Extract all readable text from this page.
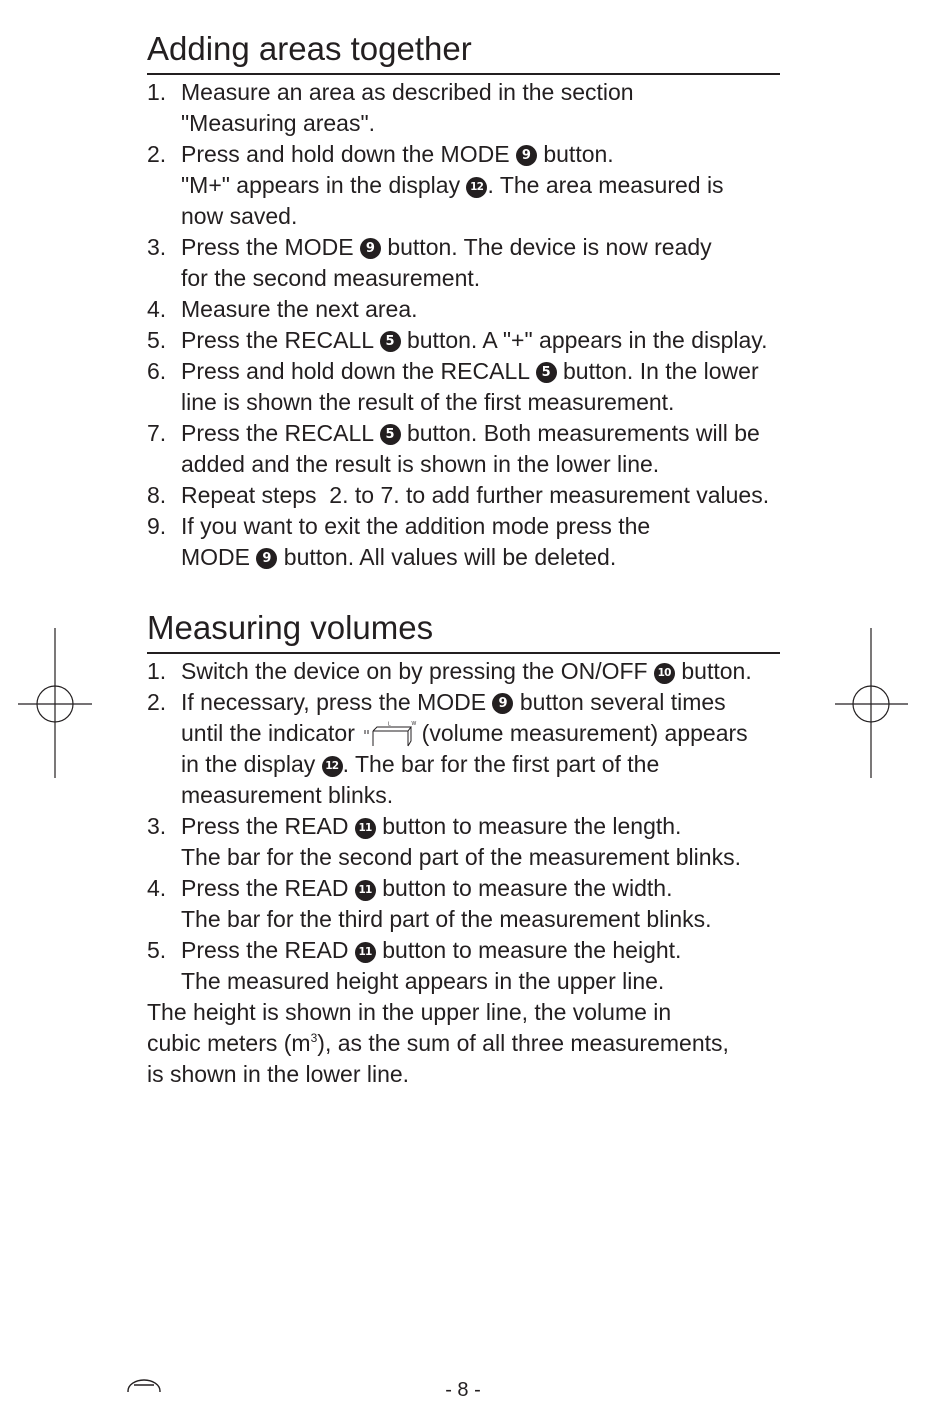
Adding areas together
1. Measure an area as described in the section
"Measuring areas".
2. Press and hold down the MODE 9 button.
"M+" appears in the display 12 . The area measured is
now saved.
3. Press the MODE 9 button. The device is now ready
for the second measurement.
4. Measure the next area.
5. Press the RECALL 5 button. A "+" appears in the display.
6. Press and hold down the RECALL 5 button. In the lower
line is shown the result of the first measurement.
7. Press the RECALL 5 button. Both measurements will be
added and the result is shown in the lower line.
8. Repeat steps  2. to 7. to add further measurement values.
9. If you want to exit the addition mode press the
MODE 9 button. All values will be deleted.
Measuring volumes
1. Switch the device on by pressing the ON/OFF 10 button.
2. If necessary, press the MODE 9 button several times
until the indicator	L	W
(volume measurement) appears
in the display 12 . The bar for the first part of the
measurement blinks.
3. Press the READ 11 button to measure the length.
The bar for the second part of the measurement blinks.
4. Press the READ 11 button to measure the width.
The bar for the third part of the measurement blinks.
5. Press the READ 11 button to measure the height.
The measured height appears in the upper line.
The height is shown in the upper line, the volume in
cubic meters $(m^3)$, as the sum of all three measurements,
is shown in the lower line.
- 8 -
